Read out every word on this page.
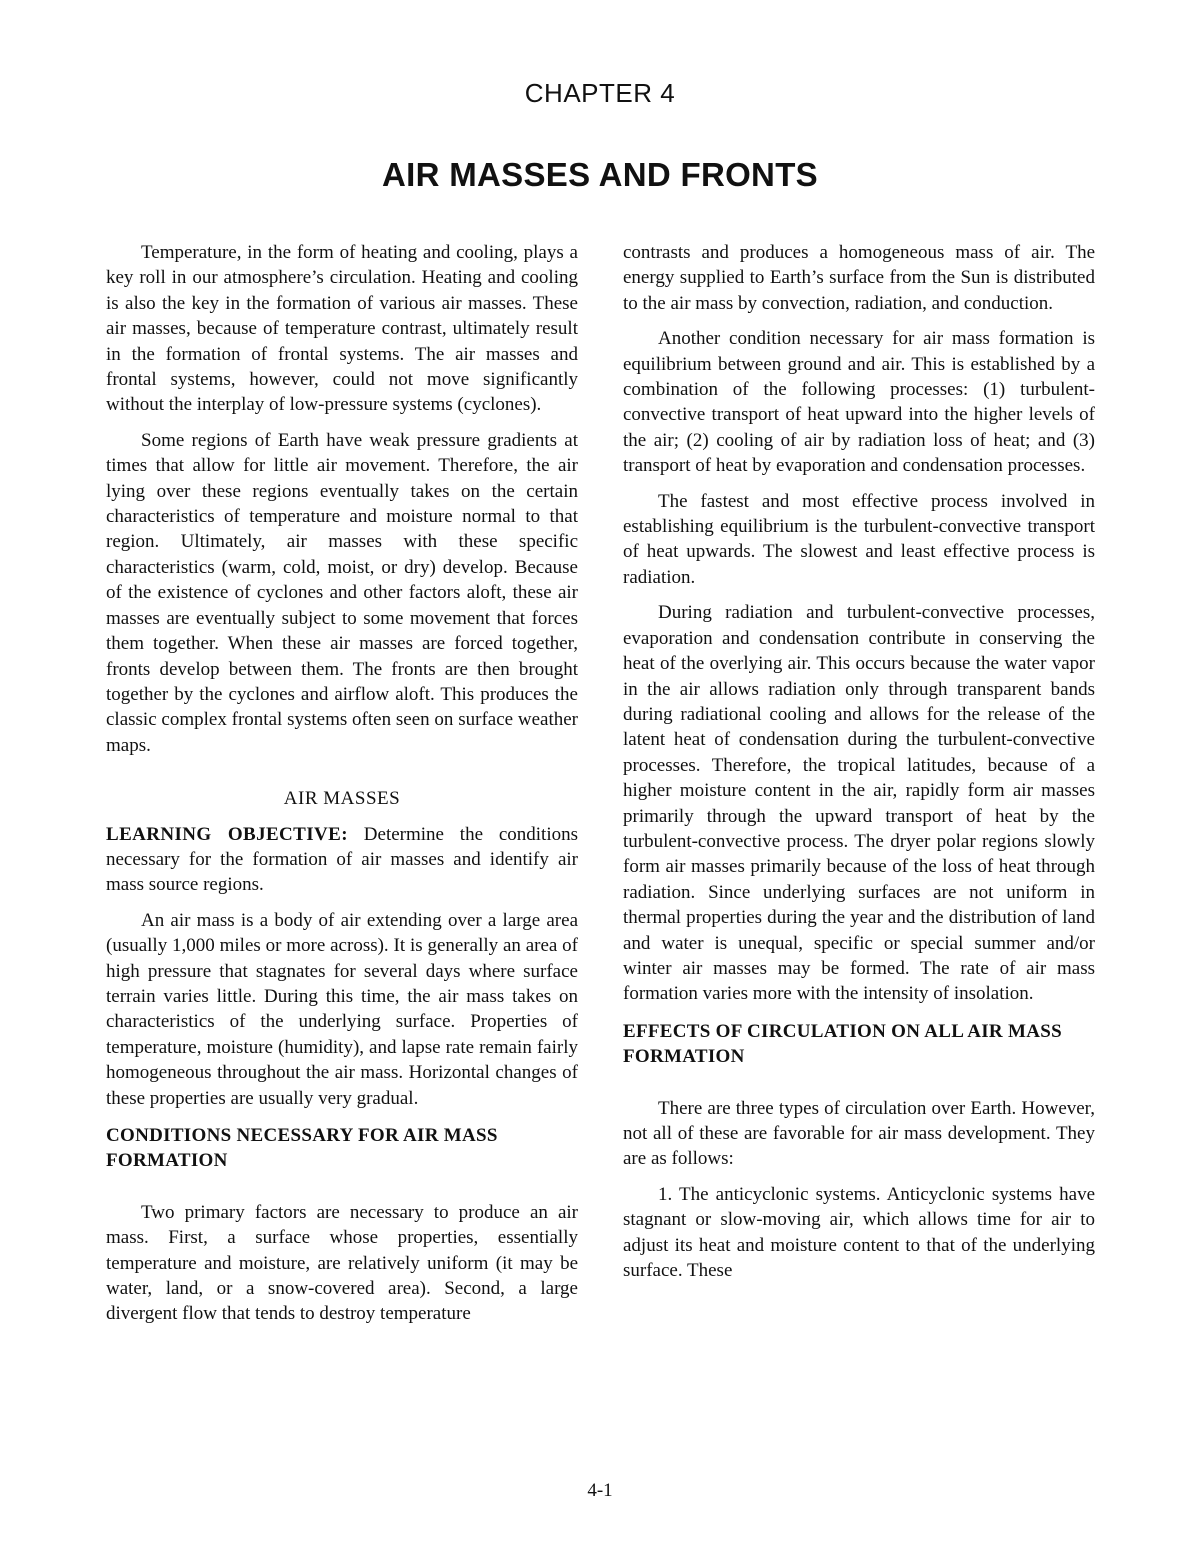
CHAPTER 4
AIR MASSES AND FRONTS

Temperature, in the form of heating and cooling, plays a key roll in our atmosphere’s circulation. Heating and cooling is also the key in the formation of various air masses. These air masses, because of temperature contrast, ultimately result in the formation of frontal systems. The air masses and frontal systems, however, could not move significantly without the interplay of low-pressure systems (cyclones).

Some regions of Earth have weak pressure gradients at times that allow for little air movement. Therefore, the air lying over these regions eventually takes on the certain characteristics of temperature and moisture normal to that region. Ultimately, air masses with these specific characteristics (warm, cold, moist, or dry) develop. Because of the existence of cyclones and other factors aloft, these air masses are eventually subject to some movement that forces them together. When these air masses are forced together, fronts develop between them. The fronts are then brought together by the cyclones and airflow aloft. This produces the classic complex frontal systems often seen on surface weather maps.

AIR MASSES

LEARNING OBJECTIVE: Determine the conditions necessary for the formation of air masses and identify air mass source regions.

An air mass is a body of air extending over a large area (usually 1,000 miles or more across). It is generally an area of high pressure that stagnates for several days where surface terrain varies little. During this time, the air mass takes on characteristics of the underlying surface. Properties of temperature, moisture (humidity), and lapse rate remain fairly homogeneous throughout the air mass. Horizontal changes of these properties are usually very gradual.

CONDITIONS NECESSARY FOR AIR MASS FORMATION

Two primary factors are necessary to produce an air mass. First, a surface whose properties, essentially temperature and moisture, are relatively uniform (it may be water, land, or a snow-covered area). Second, a large divergent flow that tends to destroy temperature

contrasts and produces a homogeneous mass of air. The energy supplied to Earth’s surface from the Sun is distributed to the air mass by convection, radiation, and conduction.

Another condition necessary for air mass formation is equilibrium between ground and air. This is established by a combination of the following processes: (1) turbulent-convective transport of heat upward into the higher levels of the air; (2) cooling of air by radiation loss of heat; and (3) transport of heat by evaporation and condensation processes.

The fastest and most effective process involved in establishing equilibrium is the turbulent-convective transport of heat upwards. The slowest and least effective process is radiation.

During radiation and turbulent-convective processes, evaporation and condensation contribute in conserving the heat of the overlying air. This occurs because the water vapor in the air allows radiation only through transparent bands during radiational cooling and allows for the release of the latent heat of condensation during the turbulent-convective processes. Therefore, the tropical latitudes, because of a higher moisture content in the air, rapidly form air masses primarily through the upward transport of heat by the turbulent-convective process. The dryer polar regions slowly form air masses primarily because of the loss of heat through radiation. Since underlying surfaces are not uniform in thermal properties during the year and the distribution of land and water is unequal, specific or special summer and/or winter air masses may be formed. The rate of air mass formation varies more with the intensity of insolation.

EFFECTS OF CIRCULATION ON ALL AIR MASS FORMATION

There are three types of circulation over Earth. However, not all of these are favorable for air mass development. They are as follows:

1. The anticyclonic systems. Anticyclonic systems have stagnant or slow-moving air, which allows time for air to adjust its heat and moisture content to that of the underlying surface. These

4-1
